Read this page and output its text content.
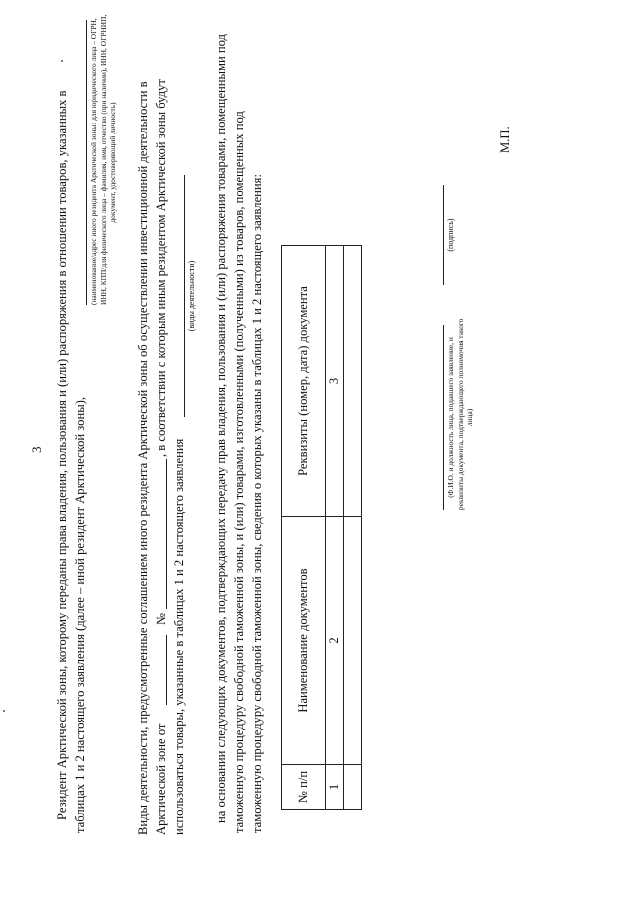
3 Резидент Арктической зоны, которому переданы права владения, пользования и (или) распоряжения в отношении товаров, указанных в таблицах 1 и 2 настоящего заявления (далее – иной резидент Арктической зоны),
(наименование/адрес иного резидента Арктической зоны: для юридического лица – ОГРН, ИНН, КПП/для физического лица – фамилия, имя, отчество (при наличии), ИНН, ОГРНИП, документ, удостоверяющий личность) Виды деятельности, предусмотренные соглашением иного резидента Арктической зоны об осуществлении инвестиционной деятельности в Арктической зоне от
№
, в соответствии с которым иным резидентом Арктической зоны будут
использоваться товары, указанные в таблицах 1 и 2 настоящего заявления
(виды деятельности) на основании следующих документов, подтверждающих передачу прав владения, пользования и (или) распоряжения товарами, помещенными под таможенную процедуру свободной таможенной зоны, и (или) товарами, изготовленными (полученными) из товаров, помещенных под таможенную процедуру свободной таможенной зоны, сведения о которых указаны в таблицах 1 и 2 настоящего заявления:	№ п/п	Наименование документов	Реквизиты (номер, дата) документа
1	2	3
			(Ф.И.О. и должность лица, подавшего заявление, и реквизиты документа, подтверждающего полномочия такого лица)
(подпись)
М.П.
